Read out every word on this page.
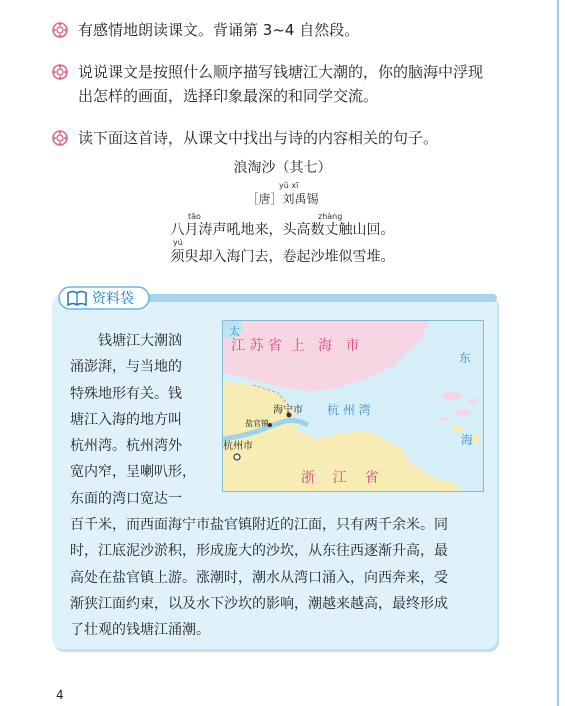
有感情地朗读课文。背诵第 3~4 自然段。
说说课文是按照什么顺序描写钱塘江大潮的，你的脑海中浮现
出怎样的画面，选择印象最深的和同学交流。
读下面这首诗，从课文中找出与诗的内容相关的句子。
浪淘沙（其七）
yǔ xī
［唐］刘禹锡
tāo	zhàng
八月涛声吼地来，头高数丈触山回。
yú
须臾却入海门去，卷起沙堆似雪堆。
资料袋
钱塘江大潮汹
涌澎湃，与当地的
特殊地形有关。钱
塘江入海的地方叫
杭州湾。杭州湾外
宽内窄，呈喇叭形，
东面的湾口宽达一
百千米，而西面海宁市盐官镇附近的江面，只有两千余米。同
时，江底泥沙淤积，形成庞大的沙坎，从东往西逐渐升高，最
高处在盐官镇上游。涨潮时，潮水从湾口涌入，向西奔来，受
渐狭江面约束，以及水下沙坎的影响，潮越来越高，最终形成
了壮观的钱塘江涌潮。
太
江 苏 省  上   海   市
东
海宁市
盐官镇
杭 州 湾
杭州市	海
浙    江    省
4
